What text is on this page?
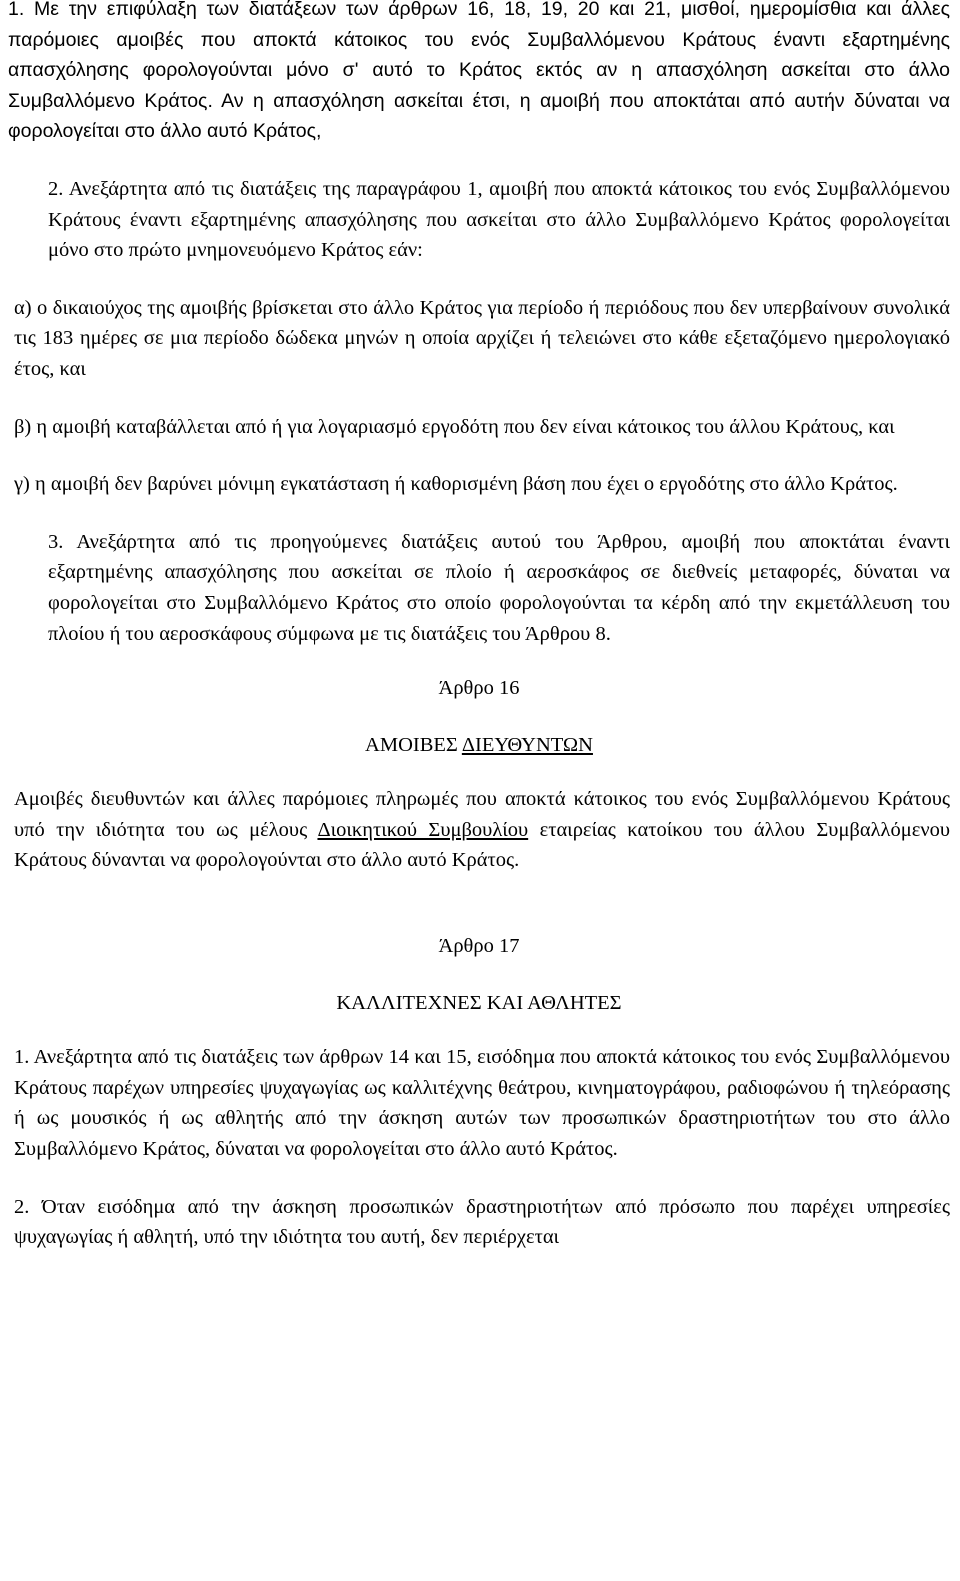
1. Με την επιφύλαξη των διατάξεων των άρθρων 16, 18, 19, 20 και 21, μισθοί, ημερομίσθια και άλλες παρόμοιες αμοιβές που αποκτά κάτοικος του ενός Συμβαλλόμενου Κράτους έναντι εξαρτημένης απασχόλησης φορολογούνται μόνο σ' αυτό το Κράτος εκτός αν η απασχόληση ασκείται στο άλλο Συμβαλλόμενο Κράτος. Αν η απασχόληση ασκείται έτσι, η αμοιβή που αποκτάται από αυτήν δύναται να φορολογείται στο άλλο αυτό Κράτος,

2. Ανεξάρτητα από τις διατάξεις της παραγράφου 1, αμοιβή που αποκτά κάτοικος του ενός Συμβαλλόμενου Κράτους έναντι εξαρτημένης απασχόλησης που ασκείται στο άλλο Συμβαλλόμενο Κράτος φορολογείται μόνο στο πρώτο μνημονευόμενο Κράτος εάν:

α) ο δικαιούχος της αμοιβής βρίσκεται στο άλλο Κράτος για περίοδο ή περιόδους που δεν υπερβαίνουν συνολικά τις 183 ημέρες σε μια περίοδο δώδεκα μηνών η οποία αρχίζει ή τελειώνει στο κάθε εξεταζόμενο ημερολογιακό έτος, και

β) η αμοιβή καταβάλλεται από ή για λογαριασμό εργοδότη που δεν είναι κάτοικος του άλλου Κράτους, και

γ) η αμοιβή δεν βαρύνει μόνιμη εγκατάσταση ή καθορισμένη βάση που έχει ο εργοδότης στο άλλο Κράτος.

3. Ανεξάρτητα από τις προηγούμενες διατάξεις αυτού του Άρθρου, αμοιβή που αποκτάται έναντι εξαρτημένης απασχόλησης που ασκείται σε πλοίο ή αεροσκάφος σε διεθνείς μεταφορές, δύναται να φορολογείται στο Συμβαλλόμενο Κράτος στο οποίο φορολογούνται τα κέρδη από την εκμετάλλευση του πλοίου ή του αεροσκάφους σύμφωνα με τις διατάξεις του Άρθρου 8.

Άρθρο 16
ΑΜΟΙΒΕΣ ΔΙΕΥΘΥΝΤΩΝ

Αμοιβές διευθυντών και άλλες παρόμοιες πληρωμές που αποκτά κάτοικος του ενός Συμβαλλόμενου Κράτους υπό την ιδιότητα του ως μέλους Διοικητικού Συμβουλίου εταιρείας κατοίκου του άλλου Συμβαλλόμενου Κράτους δύνανται να φορολογούνται στο άλλο αυτό Κράτος.

Άρθρο 17
ΚΑΛΛΙΤΕΧΝΕΣ ΚΑΙ ΑΘΛΗΤΕΣ

1. Ανεξάρτητα από τις διατάξεις των άρθρων 14 και 15, εισόδημα που αποκτά κάτοικος του ενός Συμβαλλόμενου Κράτους παρέχων υπηρεσίες ψυχαγωγίας ως καλλιτέχνης θεάτρου, κινηματογράφου, ραδιοφώνου ή τηλεόρασης ή ως μουσικός ή ως αθλητής από την άσκηση αυτών των προσωπικών δραστηριοτήτων του στο άλλο Συμβαλλόμενο Κράτος, δύναται να φορολογείται στο άλλο αυτό Κράτος.

2. Όταν εισόδημα από την άσκηση προσωπικών δραστηριοτήτων από πρόσωπο που παρέχει υπηρεσίες ψυχαγωγίας ή αθλητή, υπό την ιδιότητα του αυτή, δεν περιέρχεται
